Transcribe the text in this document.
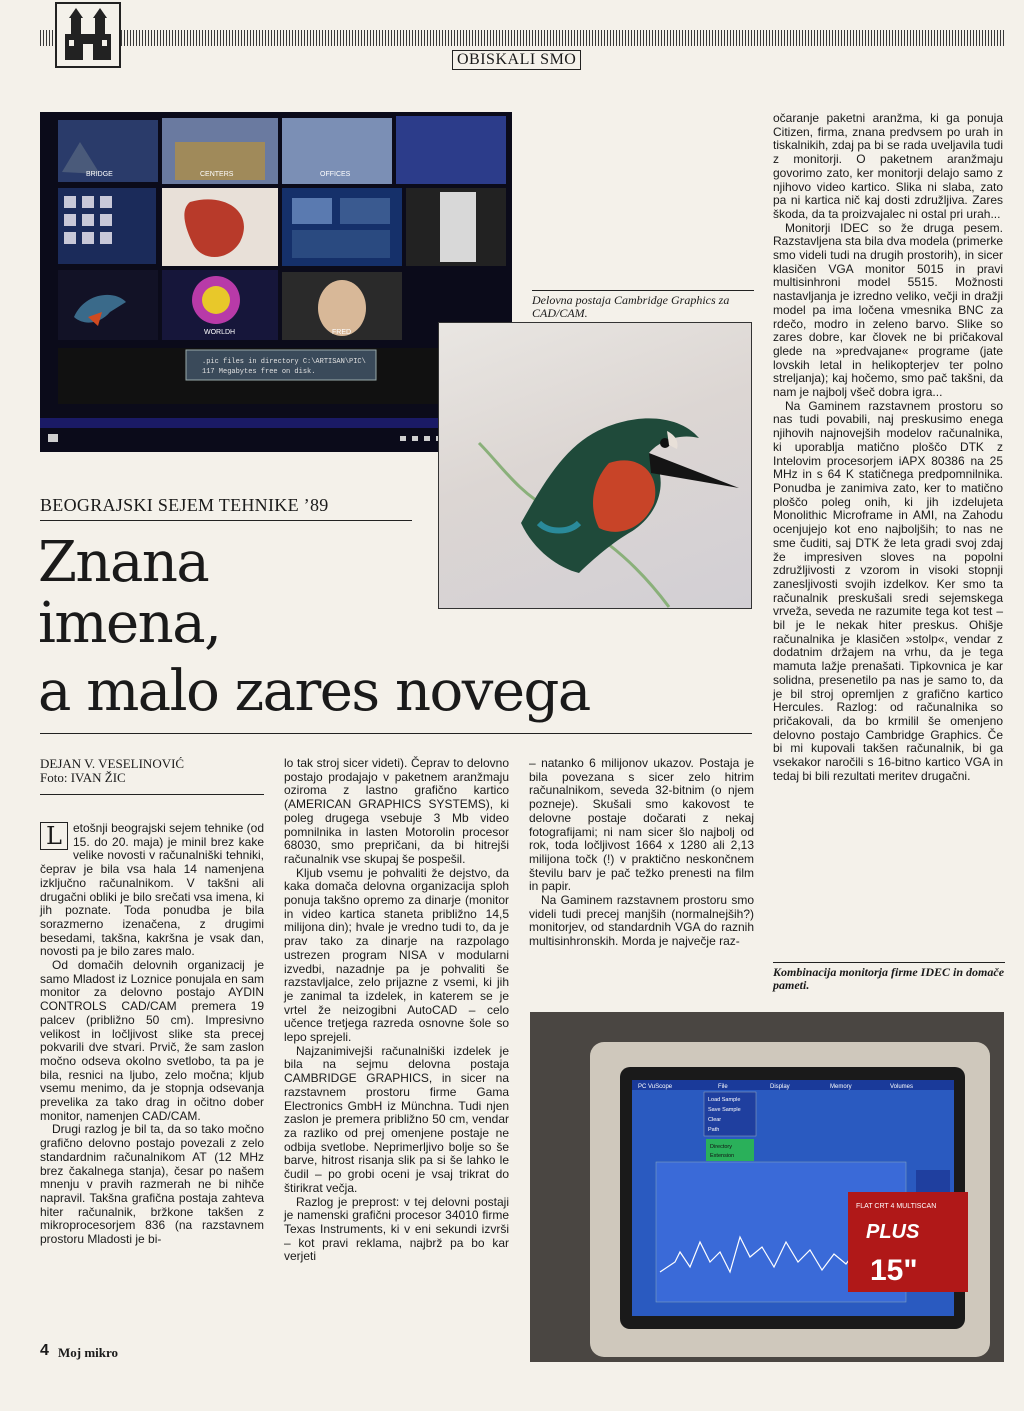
OBISKALI SMO
.pic files in directory C:\ARTISAN\PIC\
117 Megabytes free on disk.
BRIDGE	CENTERS	OFFICES
WORLDH	FRED
Delovna postaja Cambridge Graphics za CAD/CAM.
BEOGRAJSKI SEJEM TEHNIKE ’89
Znana
imena,
a malo zares novega
DEJAN V. VESELINOVIĆ
Foto: IVAN ŽIC

L etošnji beograjski sejem tehnike (od 15. do 20. maja) je minil brez kake velike novosti v računalniški tehniki, čeprav je bila vsa hala 14 namenjena izključno računalnikom. V takšni ali drugačni obliki je bilo srečati vsa imena, ki jih poznate. Toda ponudba je bila sorazmerno izenačena, z drugimi besedami, takšna, kakršna je vsak dan, novosti pa je bilo zares malo.

Od domačih delovnih organizacij je samo Mladost iz Loznice ponujala en sam monitor za delovno postajo AYDIN CONTROLS CAD/CAM premera 19 palcev (približno 50 cm). Impresivno velikost in ločljivost slike sta precej pokvarili dve stvari. Prvič, že sam zaslon močno odseva okolno svetlobo, ta pa je bila, resnici na ljubo, zelo močna; kljub vsemu menimo, da je stopnja odsevanja prevelika za tako drag in očitno dober monitor, namenjen CAD/CAM.

Drugi razlog je bil ta, da so tako močno grafično delovno postajo povezali z zelo standardnim računalnikom AT (12 MHz brez čakalnega stanja), česar po našem mnenju v pravih razmerah ne bi nihče napravil. Takšna grafična postaja zahteva hiter računalnik, bržkone takšen z mikroprocesorjem 836 (na razstavnem prostoru Mladosti je bi-

lo tak stroj sicer videti). Čeprav to delovno postajo prodajajo v paketnem aranžmaju oziroma z lastno grafično kartico (AMERICAN GRAPHICS SYSTEMS), ki poleg drugega vsebuje 3 Mb video pomnilnika in lasten Motorolin procesor 68030, smo prepričani, da bi hitrejši računalnik vse skupaj še pospešil.

Kljub vsemu je pohvaliti že dejstvo, da kaka domača delovna organizacija sploh ponuja takšno opremo za dinarje (monitor in video kartica staneta približno 14,5 milijona din); hvale je vredno tudi to, da je prav tako za dinarje na razpolago ustrezen program NISA v modularni izvedbi, nazadnje pa je pohvaliti še razstavljalce, zelo prijazne z vsemi, ki jih je zanimal ta izdelek, in katerem se je vrtel že neizogibni AutoCAD – celo učence tretjega razreda osnovne šole so lepo sprejeli.

Najzanimivejši računalniški izdelek je bila na sejmu delovna postaja CAMBRIDGE GRAPHICS, in sicer na razstavnem prostoru firme Gama Electronics GmbH iz Münchna. Tudi njen zaslon je premera približno 50 cm, vendar za razliko od prej omenjene postaje ne odbija svetlobe. Neprimerljivo bolje so še barve, hitrost risanja slik pa si še lahko le čudil – po grobi oceni je vsaj trikrat do štirikrat večja.

Razlog je preprost: v tej delovni postaji je namenski grafični procesor 34010 firme Texas Instruments, ki v eni sekundi izvrši – kot pravi reklama, najbrž pa bo kar verjeti

– natanko 6 milijonov ukazov. Postaja je bila povezana s sicer zelo hitrim računalnikom, seveda 32-bitnim (o njem pozneje). Skušali smo kakovost te delovne postaje dočarati z nekaj fotografijami; ni nam sicer šlo najbolj od rok, toda ločljivost 1664 x 1280 ali 2,13 milijona točk (!) v praktično neskončnem številu barv je pač težko prenesti na film in papir.

Na Gaminem razstavnem prostoru smo videli tudi precej manjših (normalnejših?) monitorjev, od standardnih VGA do raznih multisinhronskih. Morda je največje raz-

očaranje paketni aranžma, ki ga ponuja Citizen, firma, znana predvsem po urah in tiskalnikih, zdaj pa bi se rada uveljavila tudi z monitorji. O paketnem aranžmaju govorimo zato, ker monitorji delajo samo z njihovo video kartico. Slika ni slaba, zato pa ni kartica nič kaj dosti združljiva. Zares škoda, da ta proizvajalec ni ostal pri urah...

Monitorji IDEC so že druga pesem. Razstavljena sta bila dva modela (primerke smo videli tudi na drugih prostorih), in sicer klasičen VGA monitor 5015 in pravi multisinhroni model 5515. Možnosti nastavljanja je izredno veliko, večji in dražji model pa ima ločena vmesnika BNC za rdečo, modro in zeleno barvo. Slike so zares dobre, kar človek ne bi pričakoval glede na »predvajane« programe (jate lovskih letal in helikopterjev ter polno streljanja); kaj hočemo, smo pač takšni, da nam je najbolj všeč dobra igra...

Na Gaminem razstavnem prostoru so nas tudi povabili, naj preskusimo enega njihovih najnovejših modelov računalnika, ki uporablja matično ploščo DTK z Intelovim procesorjem iAPX 80386 na 25 MHz in s 64 K statičnega predpomnilnika. Ponudba je zanimiva zato, ker to matično ploščo poleg onih, ki jih izdelujeta Monolithic Microframe in AMI, na Zahodu ocenjujejo kot eno najboljših; to nas ne sme čuditi, saj DTK že leta gradi svoj zdaj že impresiven sloves na popolni združljivosti z vzorom in visoki stopnji zanesljivosti svojih izdelkov. Ker smo ta računalnik preskušali sredi sejemskega vrveža, seveda ne razumite tega kot test – bil je le nekak hiter preskus. Ohišje računalnika je klasičen »stolp«, vendar z dodatnim držajem na vrhu, da je tega mamuta lažje prenašati. Tipkovnica je kar solidna, presenetilo pa nas je samo to, da je bil stroj opremljen z grafično kartico Hercules. Razlog: od računalnika so pričakovali, da bo krmilil še omenjeno delovno postajo Cambridge Graphics. Če bi mi kupovali takšen računalnik, bi ga vsekakor naročili s 16-bitno kartico VGA in tedaj bi bili rezultati meritev drugačni.

Kombinacija monitorja firme IDEC in domače pameti.
PC VuScope	File	Display	Memory	Volumes
Load Sample
Save Sample
Clear
Path
Directory
Extension
FLAT CRT 4 MULTISCAN
PLUS
15"
4 Moj mikro
